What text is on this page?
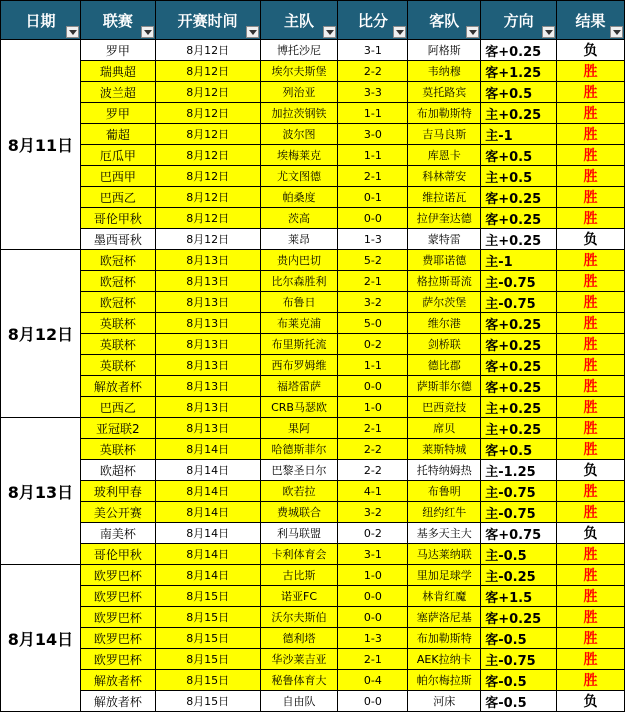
日期	联赛	开赛时间	主队	比分	客队	方向	结果

8月11日	罗甲	8月12日	博托沙尼	3-1	阿格斯	客+0.25	负
	瑞典超	8月12日	埃尔夫斯堡	2-2	韦纳穆	客+1.25	胜
	波兰超	8月12日	列治亚	3-3	莫托路宾	客+0.5	胜
	罗甲	8月12日	加拉茨钢铁	1-1	布加勒斯特	主+0.25	胜
	葡超	8月12日	波尔图	3-0	吉马良斯	主-1	胜
	厄瓜甲	8月12日	埃梅莱克	1-1	库恩卡	客+0.5	胜
	巴西甲	8月12日	尤文图德	2-1	科林蒂安	主+0.5	胜
	巴西乙	8月12日	帕桑度	0-1	维拉诺瓦	客+0.25	胜
	哥伦甲秋	8月12日	茨高	0-0	拉伊奎达德	客+0.25	胜
	墨西哥秋	8月12日	莱昂	1-3	蒙特雷	主+0.25	负
8月12日	欧冠杯	8月13日	贵内巴切	5-2	费耶诺德	主-1	胜
	欧冠杯	8月13日	比尔森胜利	2-1	格拉斯哥流	主-0.75	胜
	欧冠杯	8月13日	布鲁日	3-2	萨尔茨堡	主-0.75	胜
	英联杯	8月13日	布莱克浦	5-0	维尔港	客+0.25	胜
	英联杯	8月13日	布里斯托流	0-2	剑桥联	客+0.25	胜
	英联杯	8月13日	西布罗姆维	1-1	德比郡	客+0.25	胜
	解放者杯	8月13日	福塔雷萨	0-0	萨斯菲尔德	客+0.25	胜
	巴西乙	8月13日	CRB马瑟欧	1-0	巴西竞技	主+0.25	胜
8月13日	亚冠联2	8月13日	果阿	2-1	席贝	主+0.25	胜
	英联杯	8月14日	哈德斯菲尔	2-2	莱斯特城	客+0.5	胜
	欧超杯	8月14日	巴黎圣日尔	2-2	托特纳姆热	主-1.25	负
	玻利甲春	8月14日	欧若拉	4-1	布鲁明	主-0.75	胜
	美公开赛	8月14日	费城联合	3-2	纽约红牛	主-0.75	胜
	南美杯	8月14日	利马联盟	0-2	基多天主大	客+0.75	负
	哥伦甲秋	8月14日	卡利体育会	3-1	马达莱纳联	主-0.5	胜
8月14日	欧罗巴杯	8月14日	古比斯	1-0	里加足球学	主-0.25	胜
	欧罗巴杯	8月15日	诺亚FC	0-0	林肯红魔	客+1.5	胜
	欧罗巴杯	8月15日	沃尔夫斯伯	0-0	塞萨洛尼基	客+0.25	胜
	欧罗巴杯	8月15日	德利塔	1-3	布加勒斯特	客-0.5	胜
	欧罗巴杯	8月15日	华沙莱吉亚	2-1	AEK拉纳卡	主-0.75	胜
	解放者杯	8月15日	秘鲁体育大	0-4	帕尔梅拉斯	客-0.5	胜
	解放者杯	8月15日	自由队	0-0	河床	客-0.5	负
